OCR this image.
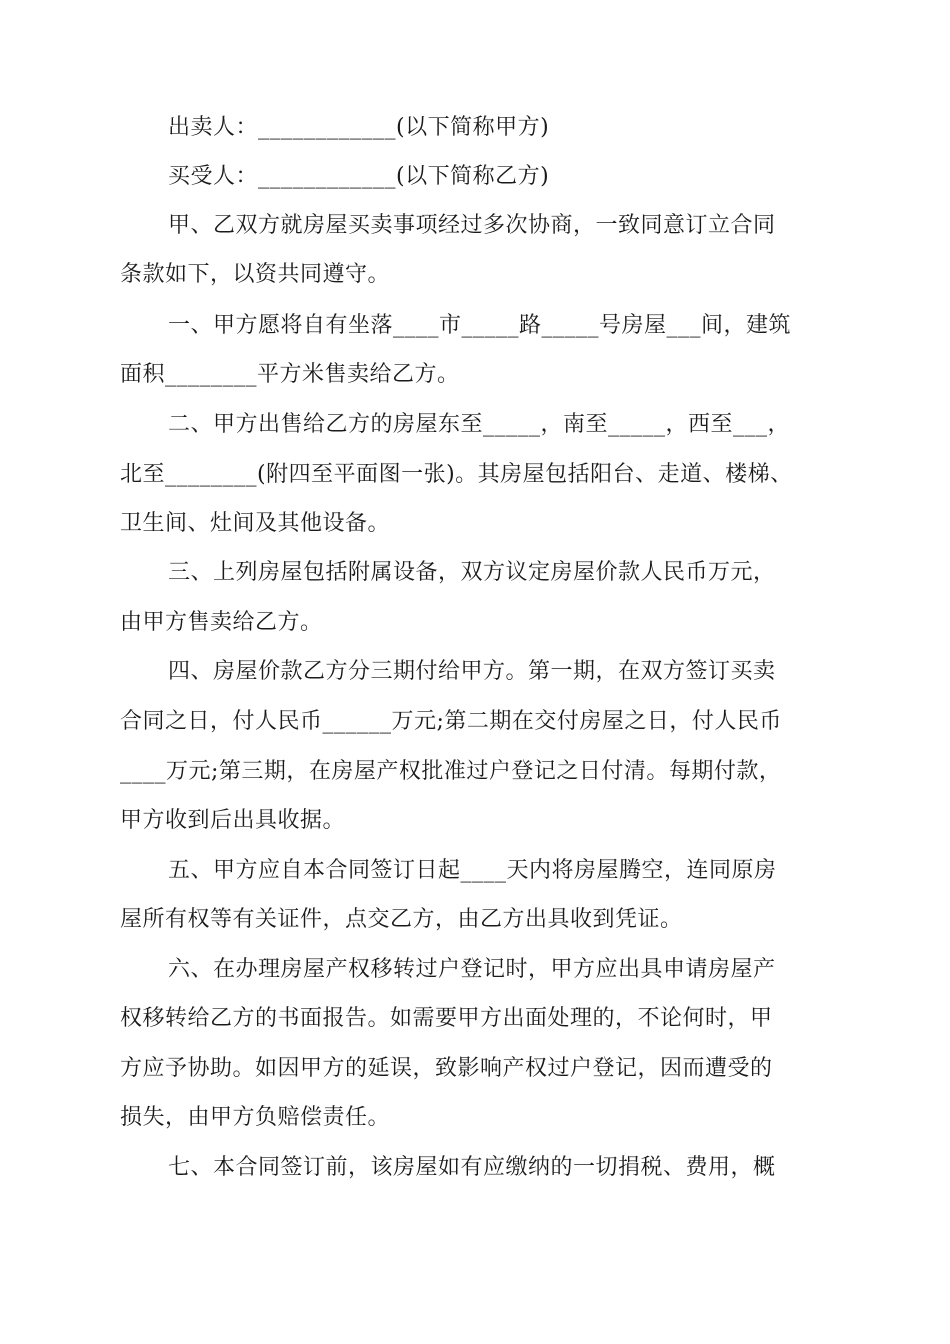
出卖人：____________(以下简称甲方)
买受人：____________(以下简称乙方)
甲、乙双方就房屋买卖事项经过多次协商，一致同意订立合同
条款如下，以资共同遵守。
一、甲方愿将自有坐落____市_____路_____号房屋___间，建筑
面积________平方米售卖给乙方。
二、甲方出售给乙方的房屋东至_____，南至_____，西至___，
北至________(附四至平面图一张)。其房屋包括阳台、走道、楼梯、
卫生间、灶间及其他设备。
三、上列房屋包括附属设备，双方议定房屋价款人民币万元，
由甲方售卖给乙方。
四、房屋价款乙方分三期付给甲方。第一期，在双方签订买卖
合同之日，付人民币______万元;第二期在交付房屋之日，付人民币
____万元;第三期，在房屋产权批准过户登记之日付清。每期付款，
甲方收到后出具收据。
五、甲方应自本合同签订日起____天内将房屋腾空，连同原房
屋所有权等有关证件，点交乙方，由乙方出具收到凭证。
六、在办理房屋产权移转过户登记时，甲方应出具申请房屋产
权移转给乙方的书面报告。如需要甲方出面处理的，不论何时，甲
方应予协助。如因甲方的延误，致影响产权过户登记，因而遭受的
损失，由甲方负赔偿责任。
七、本合同签订前，该房屋如有应缴纳的一切捐税、费用，概
